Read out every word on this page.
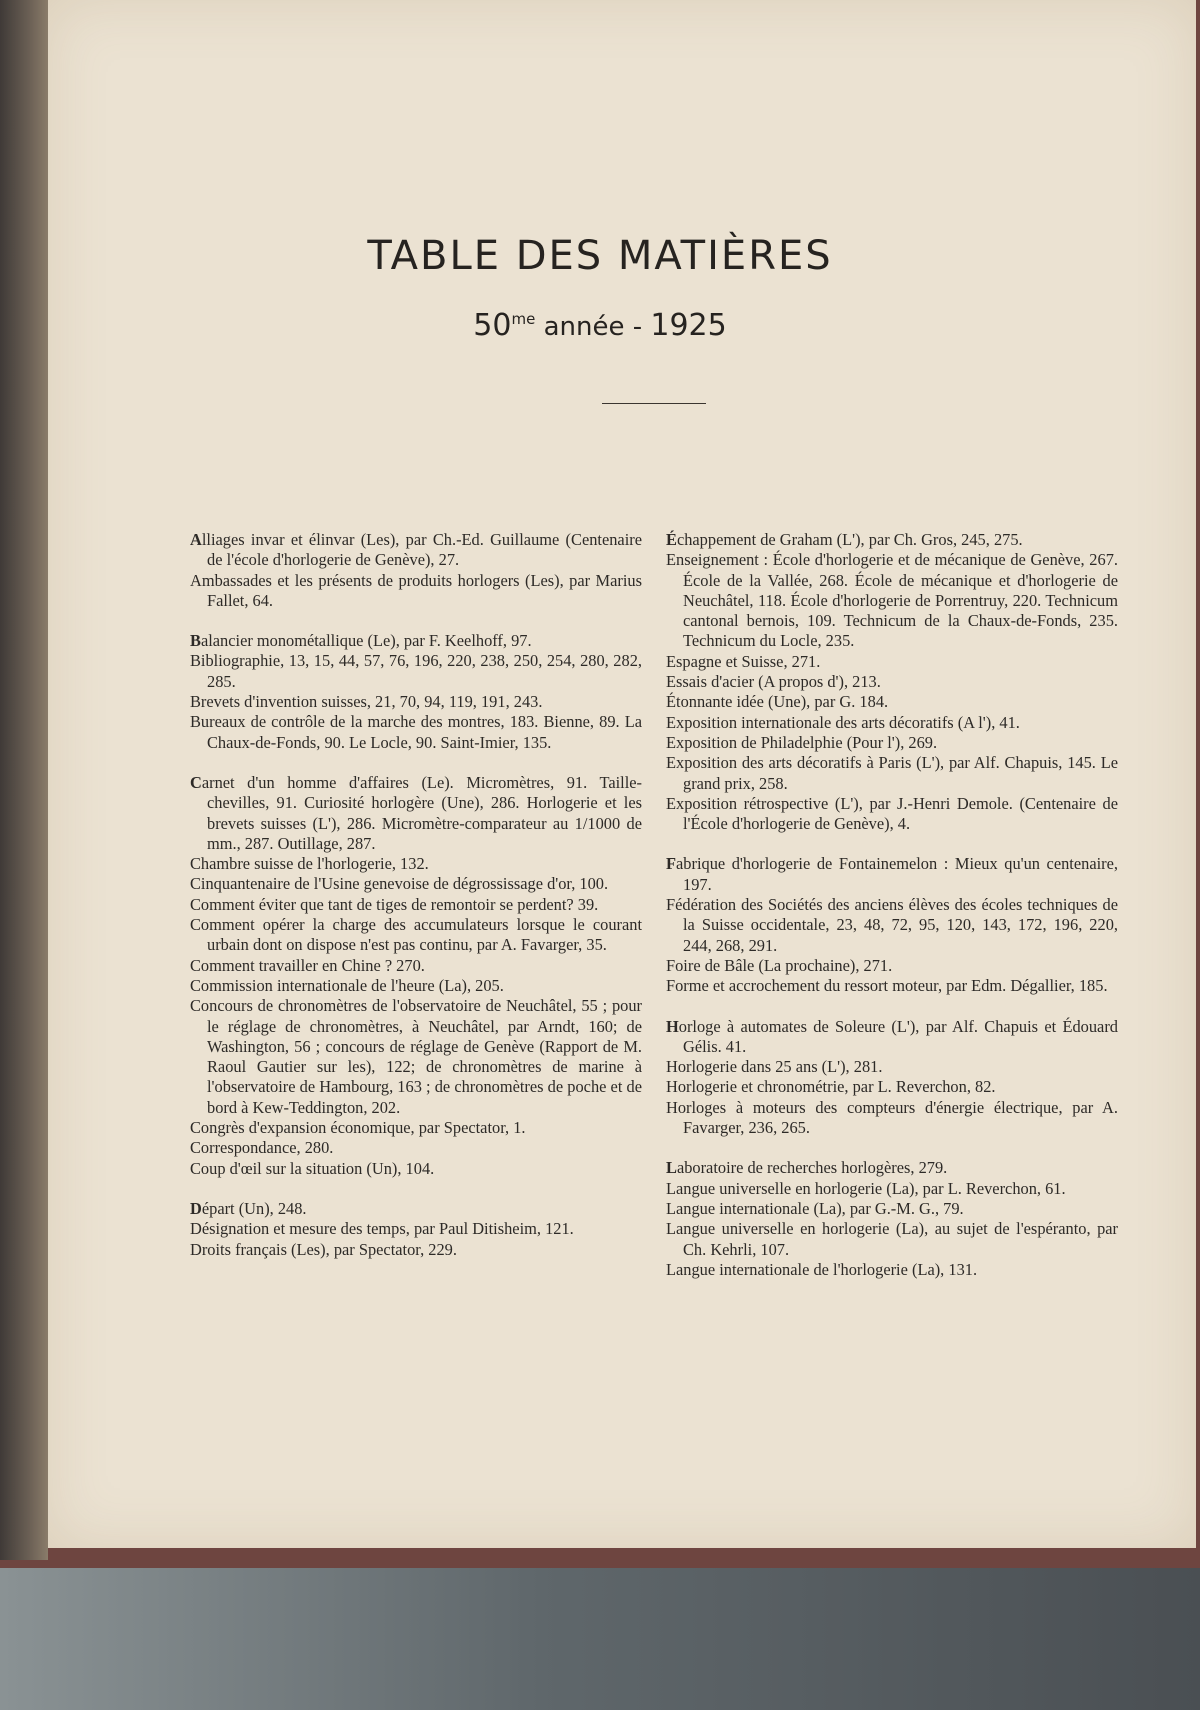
TABLE DES MATIÈRES
$50^{me}$ année - 1925
Alliages invar et élinvar (Les), par Ch.-Ed. Guillaume (Centenaire de l'école d'horlogerie de Genève), 27.
Ambassades et les présents de produits horlogers (Les), par Marius Fallet, 64.
Balancier monométallique (Le), par F. Keelhoff, 97.
Bibliographie, 13, 15, 44, 57, 76, 196, 220, 238, 250, 254, 280, 282, 285.
Brevets d'invention suisses, 21, 70, 94, 119, 191, 243.
Bureaux de contrôle de la marche des montres, 183. Bienne, 89. La Chaux-de-Fonds, 90. Le Locle, 90. Saint-Imier, 135.
Carnet d'un homme d'affaires (Le). Micromètres, 91. Taille-chevilles, 91. Curiosité horlogère (Une), 286. Horlogerie et les brevets suisses (L'), 286. Micromètre-comparateur au 1/1000 de mm., 287. Outillage, 287.
Chambre suisse de l'horlogerie, 132.
Cinquantenaire de l'Usine genevoise de dégrossissage d'or, 100.
Comment éviter que tant de tiges de remontoir se perdent? 39.
Comment opérer la charge des accumulateurs lorsque le courant urbain dont on dispose n'est pas continu, par A. Favarger, 35.
Comment travailler en Chine ? 270.
Commission internationale de l'heure (La), 205.
Concours de chronomètres de l'observatoire de Neuchâtel, 55 ; pour le réglage de chronomètres, à Neuchâtel, par Arndt, 160; de Washington, 56 ; concours de réglage de Genève (Rapport de M. Raoul Gautier sur les), 122; de chronomètres de marine à l'observatoire de Hambourg, 163 ; de chronomètres de poche et de bord à Kew-Teddington, 202.
Congrès d'expansion économique, par Spectator, 1.
Correspondance, 280.
Coup d'œil sur la situation (Un), 104.
Départ (Un), 248.
Désignation et mesure des temps, par Paul Ditisheim, 121.
Droits français (Les), par Spectator, 229.
Échappement de Graham (L'), par Ch. Gros, 245, 275.
Enseignement : École d'horlogerie et de mécanique de Genève, 267. École de la Vallée, 268. École de mécanique et d'horlogerie de Neuchâtel, 118. École d'horlogerie de Porrentruy, 220. Technicum cantonal bernois, 109. Technicum de la Chaux-de-Fonds, 235. Technicum du Locle, 235.
Espagne et Suisse, 271.
Essais d'acier (A propos d'), 213.
Étonnante idée (Une), par G. 184.
Exposition internationale des arts décoratifs (A l'), 41.
Exposition de Philadelphie (Pour l'), 269.
Exposition des arts décoratifs à Paris (L'), par Alf. Chapuis, 145. Le grand prix, 258.
Exposition rétrospective (L'), par J.-Henri Demole. (Centenaire de l'École d'horlogerie de Genève), 4.
Fabrique d'horlogerie de Fontainemelon : Mieux qu'un centenaire, 197.
Fédération des Sociétés des anciens élèves des écoles techniques de la Suisse occidentale, 23, 48, 72, 95, 120, 143, 172, 196, 220, 244, 268, 291.
Foire de Bâle (La prochaine), 271.
Forme et accrochement du ressort moteur, par Edm. Dégallier, 185.
Horloge à automates de Soleure (L'), par Alf. Chapuis et Édouard Gélis. 41.
Horlogerie dans 25 ans (L'), 281.
Horlogerie et chronométrie, par L. Reverchon, 82.
Horloges à moteurs des compteurs d'énergie électrique, par A. Favarger, 236, 265.
Laboratoire de recherches horlogères, 279.
Langue universelle en horlogerie (La), par L. Reverchon, 61.
Langue internationale (La), par G.-M. G., 79.
Langue universelle en horlogerie (La), au sujet de l'espéranto, par Ch. Kehrli, 107.
Langue internationale de l'horlogerie (La), 131.
